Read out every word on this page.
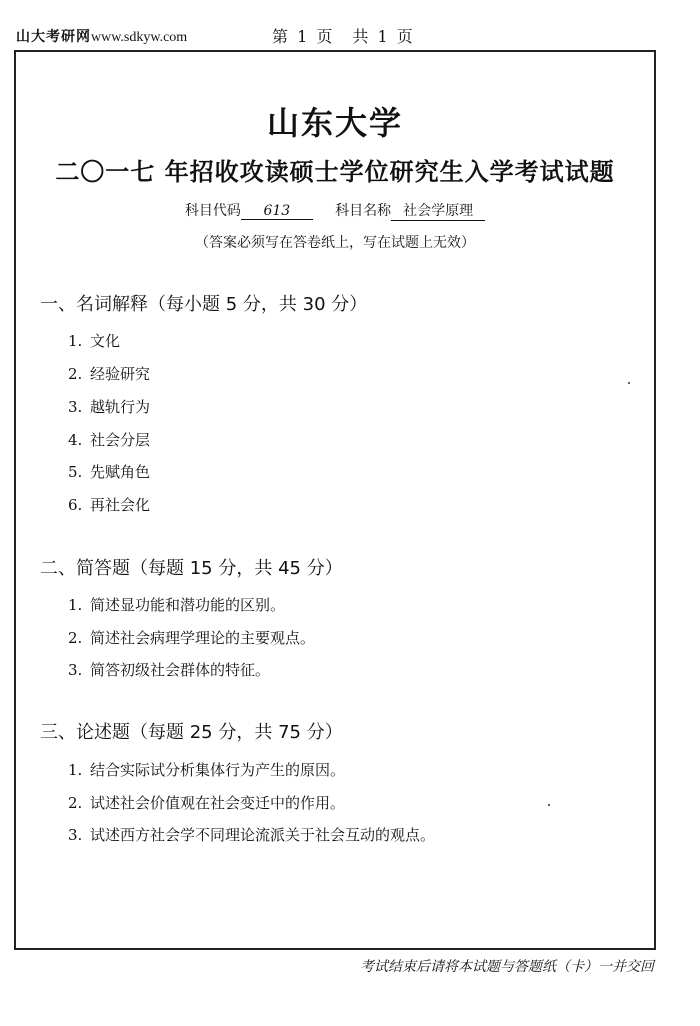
山大考研网www.sdkyw.com	第 1 页　共 1 页
山东大学
二〇一七 年招收攻读硕士学位研究生入学考试试题
科目代码 613	科目名称 社会学原理
（答案必须写在答卷纸上，写在试题上无效）
一、名词解释（每小题 5 分，共 30 分）
1. 文化
2. 经验研究
3. 越轨行为
4. 社会分层
5. 先赋角色
6. 再社会化
二、简答题（每题 15 分，共 45 分）
1. 简述显功能和潜功能的区别。
2. 简述社会病理学理论的主要观点。
3. 简答初级社会群体的特征。
三、论述题（每题 25 分，共 75 分）
1. 结合实际试分析集体行为产生的原因。
2. 试述社会价值观在社会变迁中的作用。
3. 试述西方社会学不同理论流派关于社会互动的观点。
考试结束后请将本试题与答题纸（卡）一并交回
